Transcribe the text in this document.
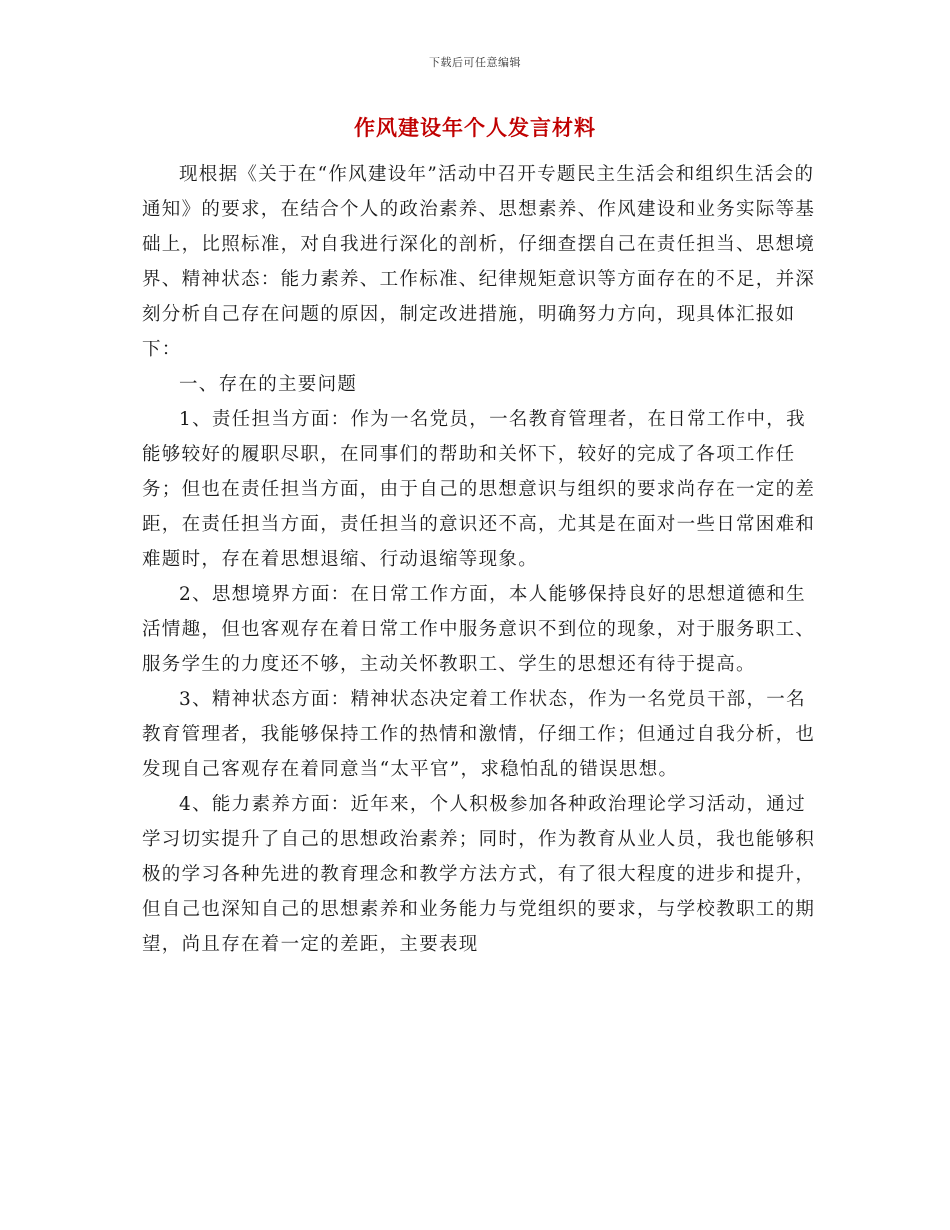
下载后可任意编辑
作风建设年个人发言材料

现根据《关于在“作风建设年”活动中召开专题民主生活会和组织生活会的通知》的要求，在结合个人的政治素养、思想素养、作风建设和业务实际等基础上，比照标准，对自我进行深化的剖析，仔细查摆自己在责任担当、思想境界、精神状态：能力素养、工作标准、纪律规矩意识等方面存在的不足，并深刻分析自己存在问题的原因，制定改进措施，明确努力方向，现具体汇报如下：

一、存在的主要问题

1、责任担当方面：作为一名党员，一名教育管理者，在日常工作中，我能够较好的履职尽职，在同事们的帮助和关怀下，较好的完成了各项工作任务；但也在责任担当方面，由于自己的思想意识与组织的要求尚存在一定的差距，在责任担当方面，责任担当的意识还不高，尤其是在面对一些日常困难和难题时，存在着思想退缩、行动退缩等现象。

2、思想境界方面：在日常工作方面，本人能够保持良好的思想道德和生活情趣，但也客观存在着日常工作中服务意识不到位的现象，对于服务职工、服务学生的力度还不够，主动关怀教职工、学生的思想还有待于提高。

3、精神状态方面：精神状态决定着工作状态，作为一名党员干部，一名教育管理者，我能够保持工作的热情和激情，仔细工作；但通过自我分析，也发现自己客观存在着同意当“太平官”，求稳怕乱的错误思想。

4、能力素养方面：近年来，个人积极参加各种政治理论学习活动，通过学习切实提升了自己的思想政治素养；同时，作为教育从业人员，我也能够积极的学习各种先进的教育理念和教学方法方式，有了很大程度的进步和提升，但自己也深知自己的思想素养和业务能力与党组织的要求，与学校教职工的期望，尚且存在着一定的差距，主要表现
